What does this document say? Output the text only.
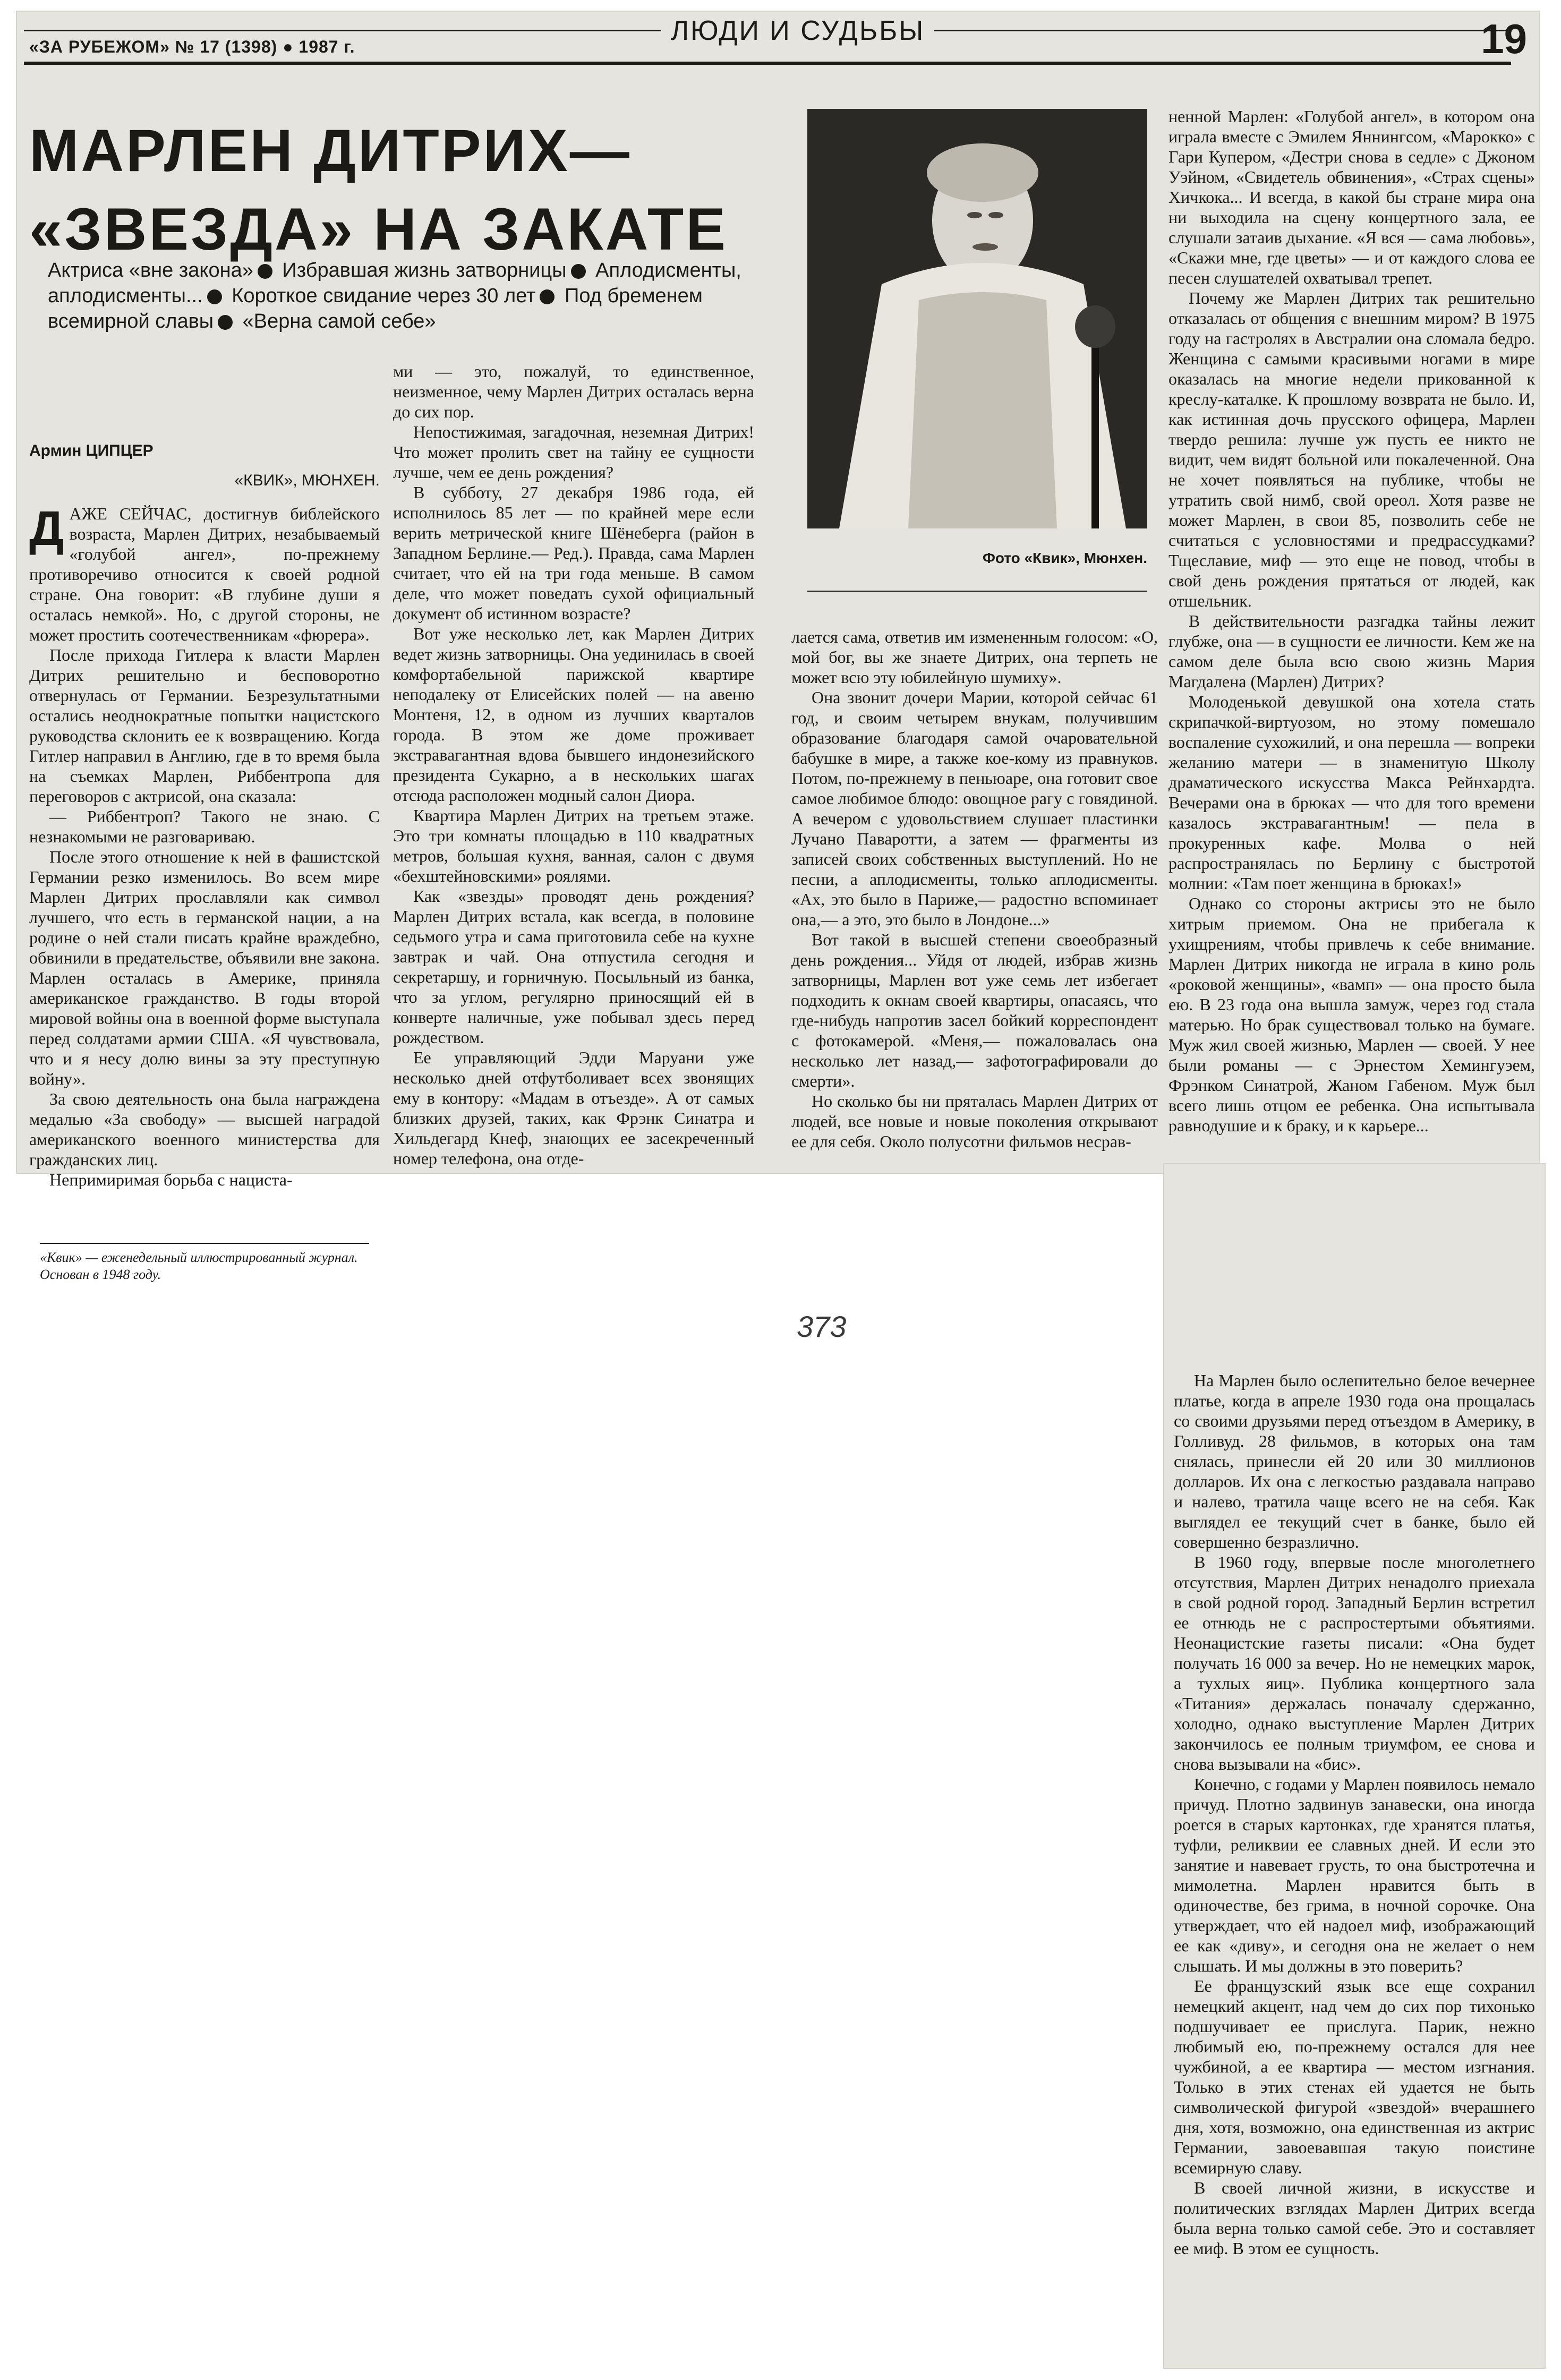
«ЗА РУБЕЖОМ» № 17 (1398) ● 1987 г.
ЛЮДИ И СУДЬБЫ	19
МАРЛЕН ДИТРИХ—
«ЗВЕЗДА» НА ЗАКАТЕ
Актриса «вне закона» Избравшая жизнь затворницы Аплодисменты, аплодисменты... Короткое свидание через 30 лет Под бременем всемирной славы «Верна самой себе»
Армин ЦИПЦЕР
«КВИК», МЮНХЕН.
Д АЖЕ СЕЙЧАС, достигнув библейского возраста, Марлен Дитрих, незабываемый «голубой ангел», по-прежнему противоречиво относится к своей родной стране. Она говорит: «В глубине души я осталась немкой». Но, с другой стороны, не может простить соотечественникам «фюрера».

После прихода Гитлера к власти Марлен Дитрих решительно и бесповоротно отвернулась от Германии. Безрезультатными остались неоднократные попытки нацистского руководства склонить ее к возвращению. Когда Гитлер направил в Англию, где в то время была на съемках Марлен, Риббентропа для переговоров с актрисой, она сказала:

— Риббентроп? Такого не знаю. С незнакомыми не разговариваю.

После этого отношение к ней в фашистской Германии резко изменилось. Во всем мире Марлен Дитрих прославляли как символ лучшего, что есть в германской нации, а на родине о ней стали писать крайне враждебно, обвинили в предательстве, объявили вне закона. Марлен осталась в Америке, приняла американское гражданство. В годы второй мировой войны она в военной форме выступала перед солдатами армии США. «Я чувствовала, что и я несу долю вины за эту преступную войну».

За свою деятельность она была награждена медалью «За свободу» — высшей наградой американского военного министерства для гражданских лиц.

Непримиримая борьба с нациста-

«Квик» — еженедельный иллюстрированный журнал. Основан в 1948 году.

ми — это, пожалуй, то единственное, неизменное, чему Марлен Дитрих осталась верна до сих пор.

Непостижимая, загадочная, неземная Дитрих! Что может пролить свет на тайну ее сущности лучше, чем ее день рождения?

В субботу, 27 декабря 1986 года, ей исполнилось 85 лет — по крайней мере если верить метрической книге Шёнеберга (район в Западном Берлине.— Ред.). Правда, сама Марлен считает, что ей на три года меньше. В самом деле, что может поведать сухой официальный документ об истинном возрасте?

Вот уже несколько лет, как Марлен Дитрих ведет жизнь затворницы. Она уединилась в своей комфортабельной парижской квартире неподалеку от Елисейских полей — на авеню Монтеня, 12, в одном из лучших кварталов города. В этом же доме проживает экстравагантная вдова бывшего индонезийского президента Сукарно, а в нескольких шагах отсюда расположен модный салон Диора.

Квартира Марлен Дитрих на третьем этаже. Это три комнаты площадью в 110 квадратных метров, большая кухня, ванная, салон с двумя «бехштейновскими» роялями.

Как «звезды» проводят день рождения? Марлен Дитрих встала, как всегда, в половине седьмого утра и сама приготовила себе на кухне завтрак и чай. Она отпустила сегодня и секретаршу, и горничную. Посыльный из банка, что за углом, регулярно приносящий ей в конверте наличные, уже побывал здесь перед рождеством.

Ее управляющий Эдди Маруани уже несколько дней отфутболивает всех звонящих ему в контору: «Мадам в отъезде». А от самых близких друзей, таких, как Фрэнк Синатра и Хильдегард Кнеф, знающих ее засекреченный номер телефона, она отде-

Фото «Квик», Мюнхен.

лается сама, ответив им измененным голосом: «О, мой бог, вы же знаете Дитрих, она терпеть не может всю эту юбилейную шумиху».

Она звонит дочери Марии, которой сейчас 61 год, и своим четырем внукам, получившим образование благодаря самой очаровательной бабушке в мире, а также кое-кому из правнуков. Потом, по-прежнему в пеньюаре, она готовит свое самое любимое блюдо: овощное рагу с говядиной. А вечером с удовольствием слушает пластинки Лучано Паваротти, а затем — фрагменты из записей своих собственных выступлений. Но не песни, а аплодисменты, только аплодисменты. «Ах, это было в Париже,— радостно вспоминает она,— а это, это было в Лондоне...»

Вот такой в высшей степени своеобразный день рождения... Уйдя от людей, избрав жизнь затворницы, Марлен вот уже семь лет избегает подходить к окнам своей квартиры, опасаясь, что где-нибудь напротив засел бойкий корреспондент с фотокамерой. «Меня,— пожаловалась она несколько лет назад,— зафотографировали до смерти».

Но сколько бы ни пряталась Марлен Дитрих от людей, все новые и новые поколения открывают ее для себя. Около полусотни фильмов несрав-

ненной Марлен: «Голубой ангел», в котором она играла вместе с Эмилем Яннингсом, «Марокко» с Гари Купером, «Дестри снова в седле» с Джоном Уэйном, «Свидетель обвинения», «Страх сцены» Хичкока... И всегда, в какой бы стране мира она ни выходила на сцену концертного зала, ее слушали затаив дыхание. «Я вся — сама любовь», «Скажи мне, где цветы» — и от каждого слова ее песен слушателей охватывал трепет.

Почему же Марлен Дитрих так решительно отказалась от общения с внешним миром? В 1975 году на гастролях в Австралии она сломала бедро. Женщина с самыми красивыми ногами в мире оказалась на многие недели прикованной к креслу-каталке. К прошлому возврата не было. И, как истинная дочь прусского офицера, Марлен твердо решила: лучше уж пусть ее никто не видит, чем видят больной или покалеченной. Она не хочет появляться на публике, чтобы не утратить свой нимб, свой ореол. Хотя разве не может Марлен, в свои 85, позволить себе не считаться с условностями и предрассудками? Тщеславие, миф — это еще не повод, чтобы в свой день рождения прятаться от людей, как отшельник.

В действительности разгадка тайны лежит глубже, она — в сущности ее личности. Кем же на самом деле была всю свою жизнь Мария Магдалена (Марлен) Дитрих?

Молоденькой девушкой она хотела стать скрипачкой-виртуозом, но этому помешало воспаление сухожилий, и она перешла — вопреки желанию матери — в знаменитую Школу драматического искусства Макса Рейнхардта. Вечерами она в брюках — что для того времени казалось экстравагантным! — пела в прокуренных кафе. Молва о ней распространялась по Берлину с быстротой молнии: «Там поет женщина в брюках!»

Однако со стороны актрисы это не было хитрым приемом. Она не прибегала к ухищрениям, чтобы привлечь к себе внимание. Марлен Дитрих никогда не играла в кино роль «роковой женщины», «вамп» — она просто была ею. В 23 года она вышла замуж, через год стала матерью. Но брак существовал только на бумаге. Муж жил своей жизнью, Марлен — своей. У нее были романы — с Эрнестом Хемингуэем, Фрэнком Синатрой, Жаном Габеном. Муж был всего лишь отцом ее ребенка. Она испытывала равнодушие и к браку, и к карьере...

На Марлен было ослепительно белое вечернее платье, когда в апреле 1930 года она прощалась со своими друзьями перед отъездом в Америку, в Голливуд. 28 фильмов, в которых она там снялась, принесли ей 20 или 30 миллионов долларов. Их она с легкостью раздавала направо и налево, тратила чаще всего не на себя. Как выглядел ее текущий счет в банке, было ей совершенно безразлично.

В 1960 году, впервые после многолетнего отсутствия, Марлен Дитрих ненадолго приехала в свой родной город. Западный Берлин встретил ее отнюдь не с распростертыми объятиями. Неонацистские газеты писали: «Она будет получать 16 000 за вечер. Но не немецких марок, а тухлых яиц». Публика концертного зала «Титания» держалась поначалу сдержанно, холодно, однако выступление Марлен Дитрих закончилось ее полным триумфом, ее снова и снова вызывали на «бис».

Конечно, с годами у Марлен появилось немало причуд. Плотно задвинув занавески, она иногда роется в старых картонках, где хранятся платья, туфли, реликвии ее славных дней. И если это занятие и навевает грусть, то она быстротечна и мимолетна. Марлен нравится быть в одиночестве, без грима, в ночной сорочке. Она утверждает, что ей надоел миф, изображающий ее как «диву», и сегодня она не желает о нем слышать. И мы должны в это поверить?

Ее французский язык все еще сохранил немецкий акцент, над чем до сих пор тихонько подшучивает ее прислуга. Парик, нежно любимый ею, по-прежнему остался для нее чужбиной, а ее квартира — местом изгнания. Только в этих стенах ей удается не быть символической фигурой «звездой» вчерашнего дня, хотя, возможно, она единственная из актрис Германии, завоевавшая такую поистине всемирную славу.

В своей личной жизни, в искусстве и политических взглядах Марлен Дитрих всегда была верна только самой себе. Это и составляет ее миф. В этом ее сущность.

373
